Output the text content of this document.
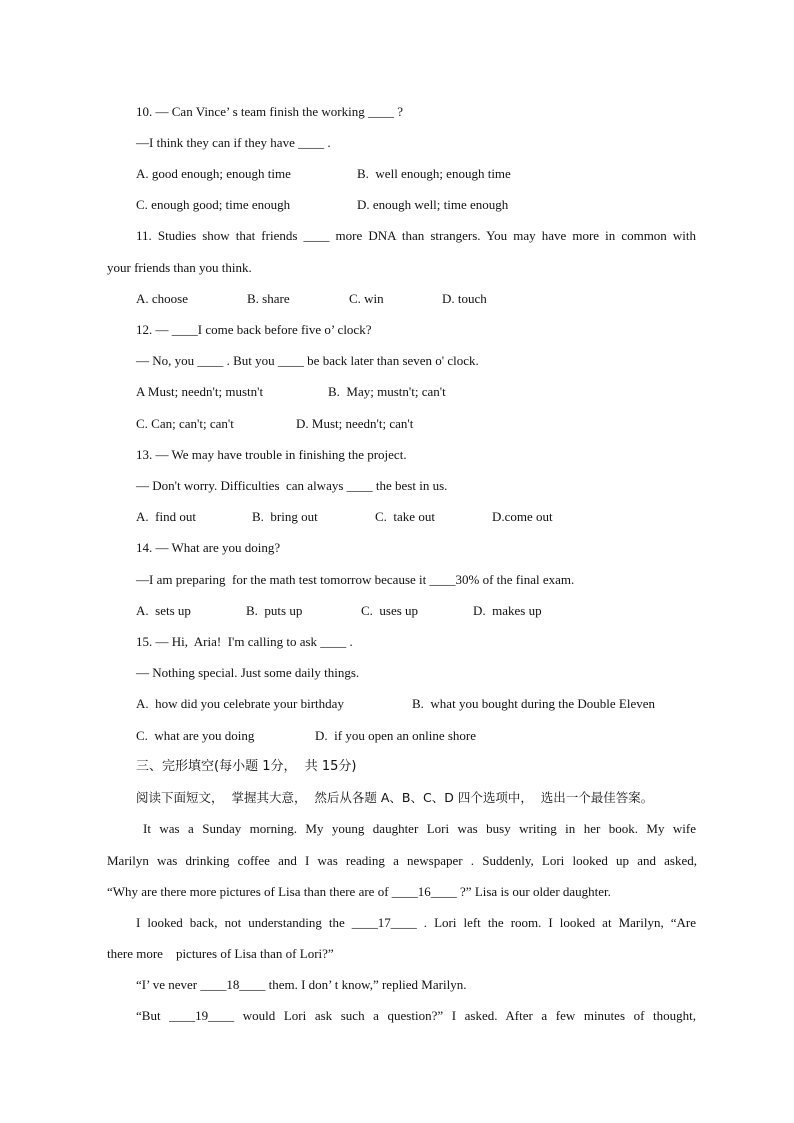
10. — Can Vince’ s team finish the working ____ ?
—I think they can if they have ____ .
A. good enough; enough time	B.  well enough; enough time
C. enough good; time enough	D. enough well; time enough
11. Studies show that friends ____ more DNA than strangers. You may have more in common with
your friends than you think.
A. choose	B. share	C. win	D. touch
12. — ____I come back before five o’ clock?
— No, you ____ . But you ____ be back later than seven o' clock.
A Must; needn't; mustn't	B.  May; mustn't; can't
C. Can; can't; can't	D. Must; needn't; can't
13. — We may have trouble in finishing the project.
— Don't worry. Difficulties  can always ____ the best in us.
A.  find out	B.  bring out	C.  take out	D.come out
14. — What are you doing?
—I am preparing  for the math test tomorrow because it ____30% of the final exam.
A.  sets up	B.  puts up	C.  uses up	D.  makes up
15. — Hi,  Aria!  I'm calling to ask ____ .
— Nothing special. Just some daily things.
A.  how did you celebrate your birthday	B.  what you bought during the Double Eleven
C.  what are you doing	D.  if you open an online shore
三、完形填空(每小题 1分，  共 15分)
阅读下面短文，  掌握其大意，  然后从各题 A、B、C、D 四个选项中，  选出一个最佳答案。
It was a Sunday morning. My young daughter Lori was busy writing in her book. My wife
Marilyn was drinking coffee and I was reading a newspaper . Suddenly, Lori looked up and asked,
“Why are there more pictures of Lisa than there are of ____16____ ?” Lisa is our older daughter.
I looked back, not understanding the ____17____ . Lori left the room. I looked at Marilyn, “Are
there more    pictures of Lisa than of Lori?”
“I’ ve never ____18____ them. I don’ t know,” replied Marilyn.
“But ____19____ would Lori ask such a question?” I asked. After a few minutes of thought,
